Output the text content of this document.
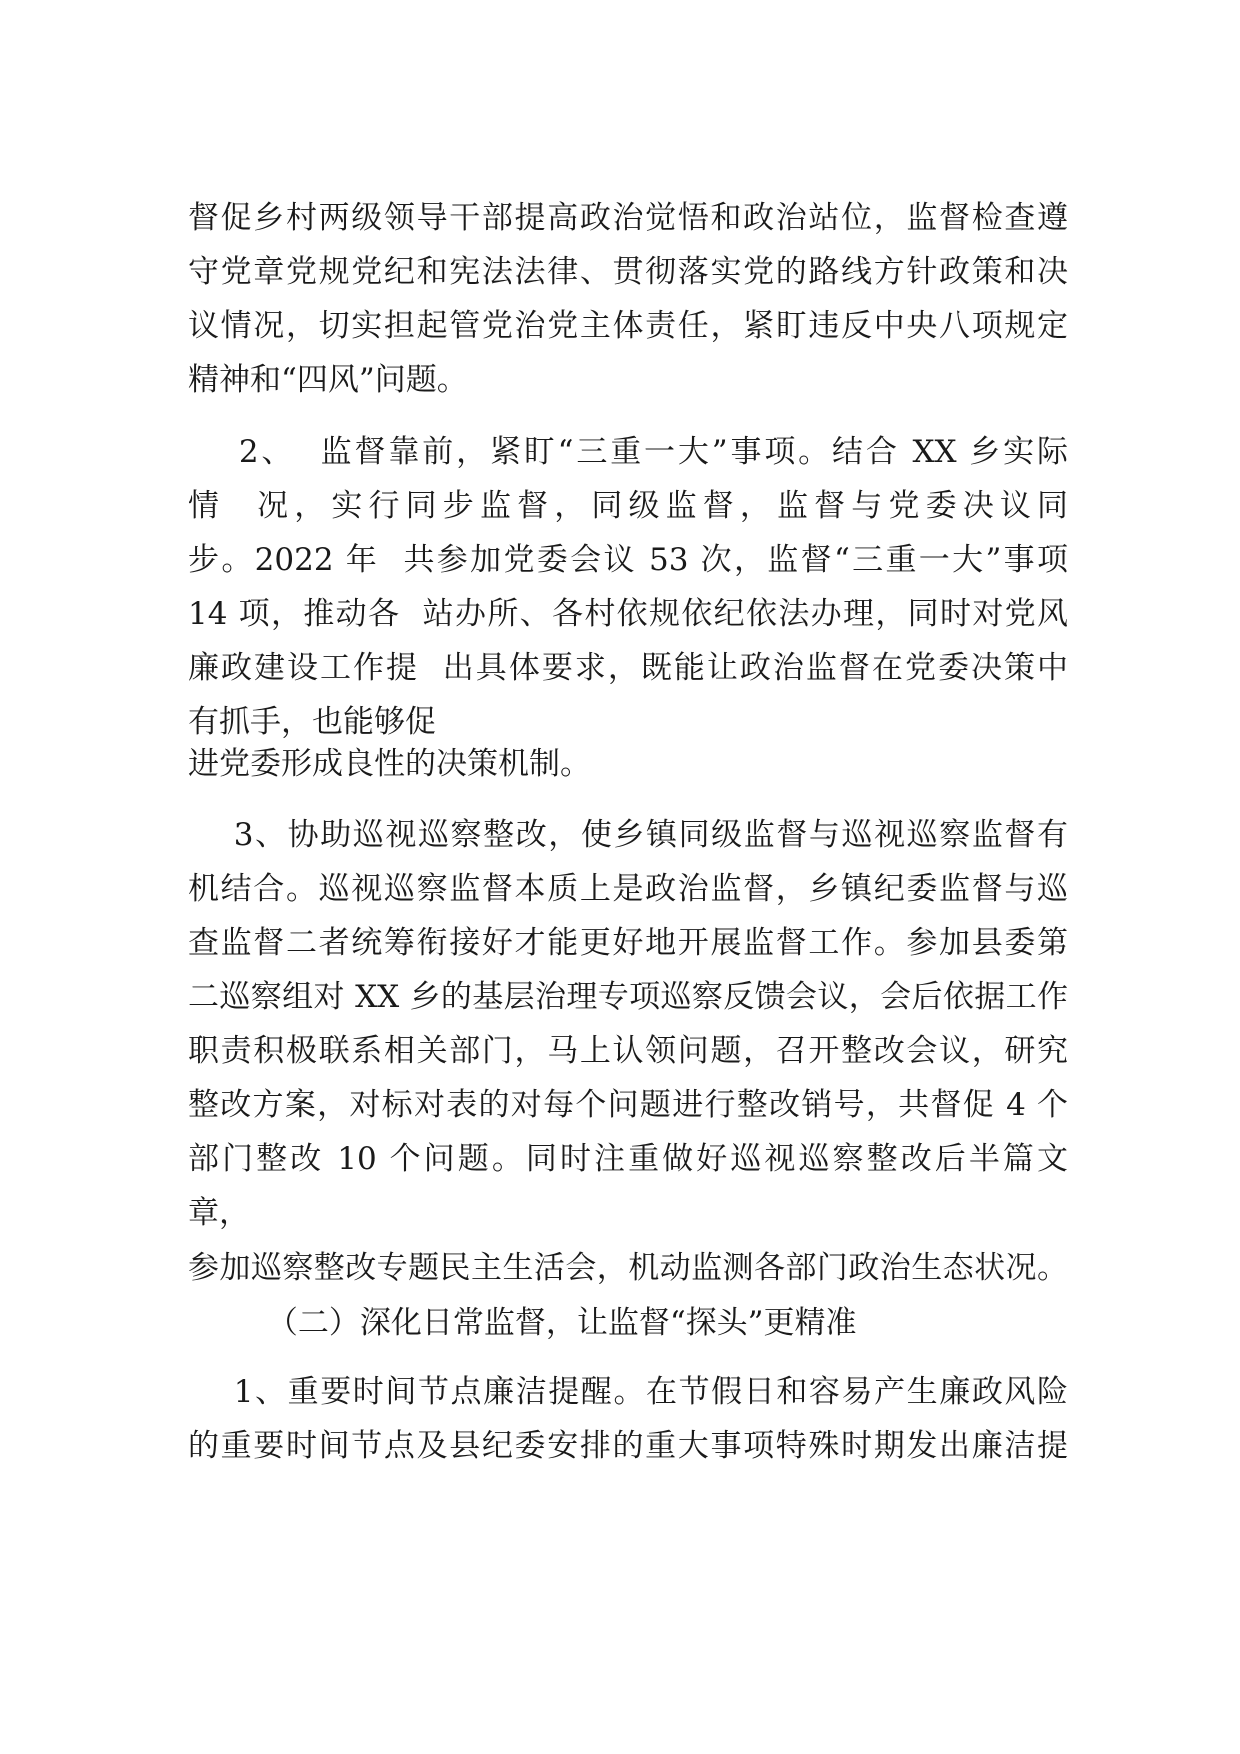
督促乡村两级领导干部提高政治觉悟和政治站位，监督检查遵
守党章党规党纪和宪法法律、贯彻落实党的路线方针政策和决
议情况，切实担起管党治党主体责任，紧盯违反中央八项规定
精神和“四风”问题。
2、  监督靠前，紧盯“三重一大”事项。结合 XX 乡实际
情  况，实行同步监督，同级监督，监督与党委决议同
步。2022 年  共参加党委会议 53 次，监督“三重一大”事项
14 项，推动各  站办所、各村依规依纪依法办理，同时对党风
廉政建设工作提  出具体要求，既能让政治监督在党委决策中
有抓手，也能够促
进党委形成良性的决策机制。
3、协助巡视巡察整改，使乡镇同级监督与巡视巡察监督有
机结合。巡视巡察监督本质上是政治监督，乡镇纪委监督与巡
查监督二者统筹衔接好才能更好地开展监督工作。参加县委第
二巡察组对 XX 乡的基层治理专项巡察反馈会议，会后依据工作
职责积极联系相关部门，马上认领问题，召开整改会议，研究
整改方案，对标对表的对每个问题进行整改销号，共督促 4 个
部门整改 10 个问题。同时注重做好巡视巡察整改后半篇文
章，
参加巡察整改专题民主生活会，机动监测各部门政治生态状况。
（二）深化日常监督，让监督“探头”更精准
1、重要时间节点廉洁提醒。在节假日和容易产生廉政风险
的重要时间节点及县纪委安排的重大事项特殊时期发出廉洁提
